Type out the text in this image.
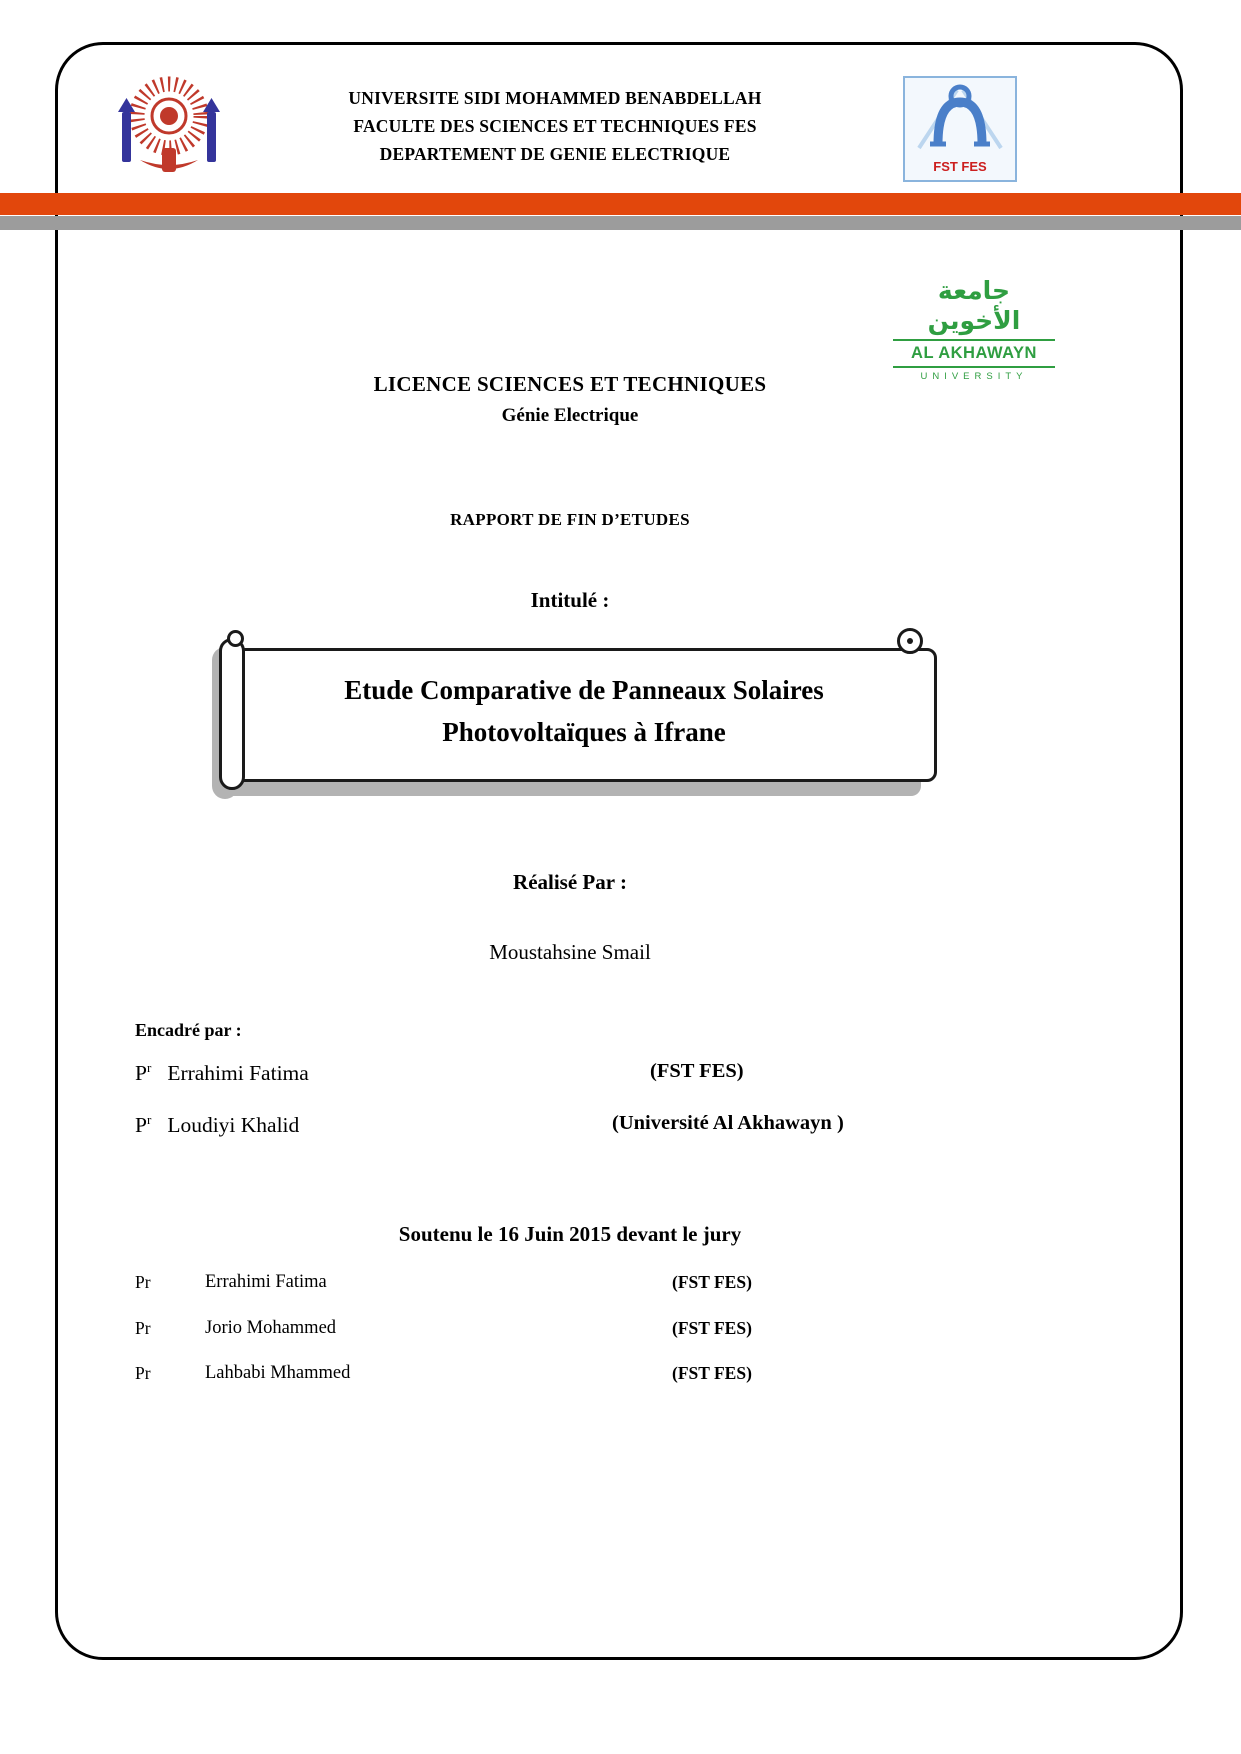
UNIVERSITE SIDI MOHAMMED BENABDELLAH
FACULTE DES SCIENCES ET TECHNIQUES FES
DEPARTEMENT DE GENIE ELECTRIQUE
FST FES
جامعة الأخوين
AL AKHAWAYN
UNIVERSITY
LICENCE SCIENCES ET TECHNIQUES
Génie Electrique
RAPPORT DE FIN D’ETUDES
Intitulé :
Etude Comparative de Panneaux Solaires
Photovoltaïques à Ifrane
Réalisé Par :
Moustahsine Smail
Encadré par :
$P^r$ Errahimi Fatima	(FST FES)
$P^r$ Loudiyi Khalid	(Université Al Akhawayn )
Soutenu le 16 Juin 2015 devant le jury
Pr	Errahimi Fatima	(FST FES)
Pr	Jorio Mohammed	(FST FES)
Pr	Lahbabi Mhammed	(FST FES)
